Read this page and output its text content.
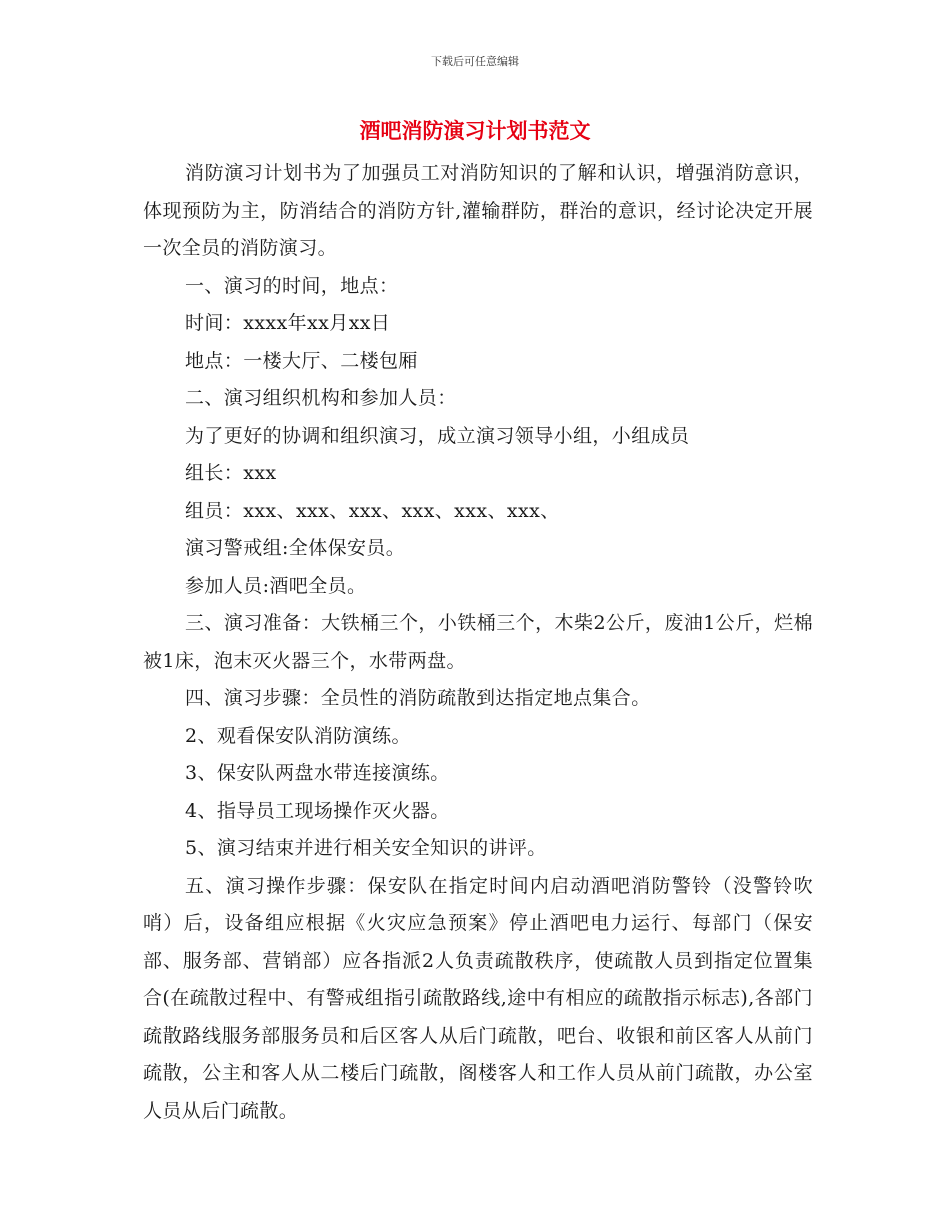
下载后可任意编辑
酒吧消防演习计划书范文

消防演习计划书为了加强员工对消防知识的了解和认识，增强消防意识，体现预防为主，防消结合的消防方针,灌输群防，群治的意识，经讨论决定开展一次全员的消防演习。

一、演习的时间，地点：

时间：xxxx年xx月xx日

地点：一楼大厅、二楼包厢

二、演习组织机构和参加人员：

为了更好的协调和组织演习，成立演习领导小组，小组成员

组长：xxx

组员：xxx、xxx、xxx、xxx、xxx、xxx、

演习警戒组:全体保安员。

参加人员:酒吧全员。

三、演习准备：大铁桶三个，小铁桶三个，木柴2公斤，废油1公斤，烂棉被1床，泡末灭火器三个，水带两盘。

四、演习步骤：全员性的消防疏散到达指定地点集合。

2、观看保安队消防演练。

3、保安队两盘水带连接演练。

4、指导员工现场操作灭火器。

5、演习结束并进行相关安全知识的讲评。

五、演习操作步骤：保安队在指定时间内启动酒吧消防警铃（没警铃吹哨）后，设备组应根据《火灾应急预案》停止酒吧电力运行、每部门（保安部、服务部、营销部）应各指派2人负责疏散秩序，使疏散人员到指定位置集合(在疏散过程中、有警戒组指引疏散路线,途中有相应的疏散指示标志),各部门疏散路线服务部服务员和后区客人从后门疏散，吧台、收银和前区客人从前门疏散，公主和客人从二楼后门疏散，阁楼客人和工作人员从前门疏散，办公室人员从后门疏散。
